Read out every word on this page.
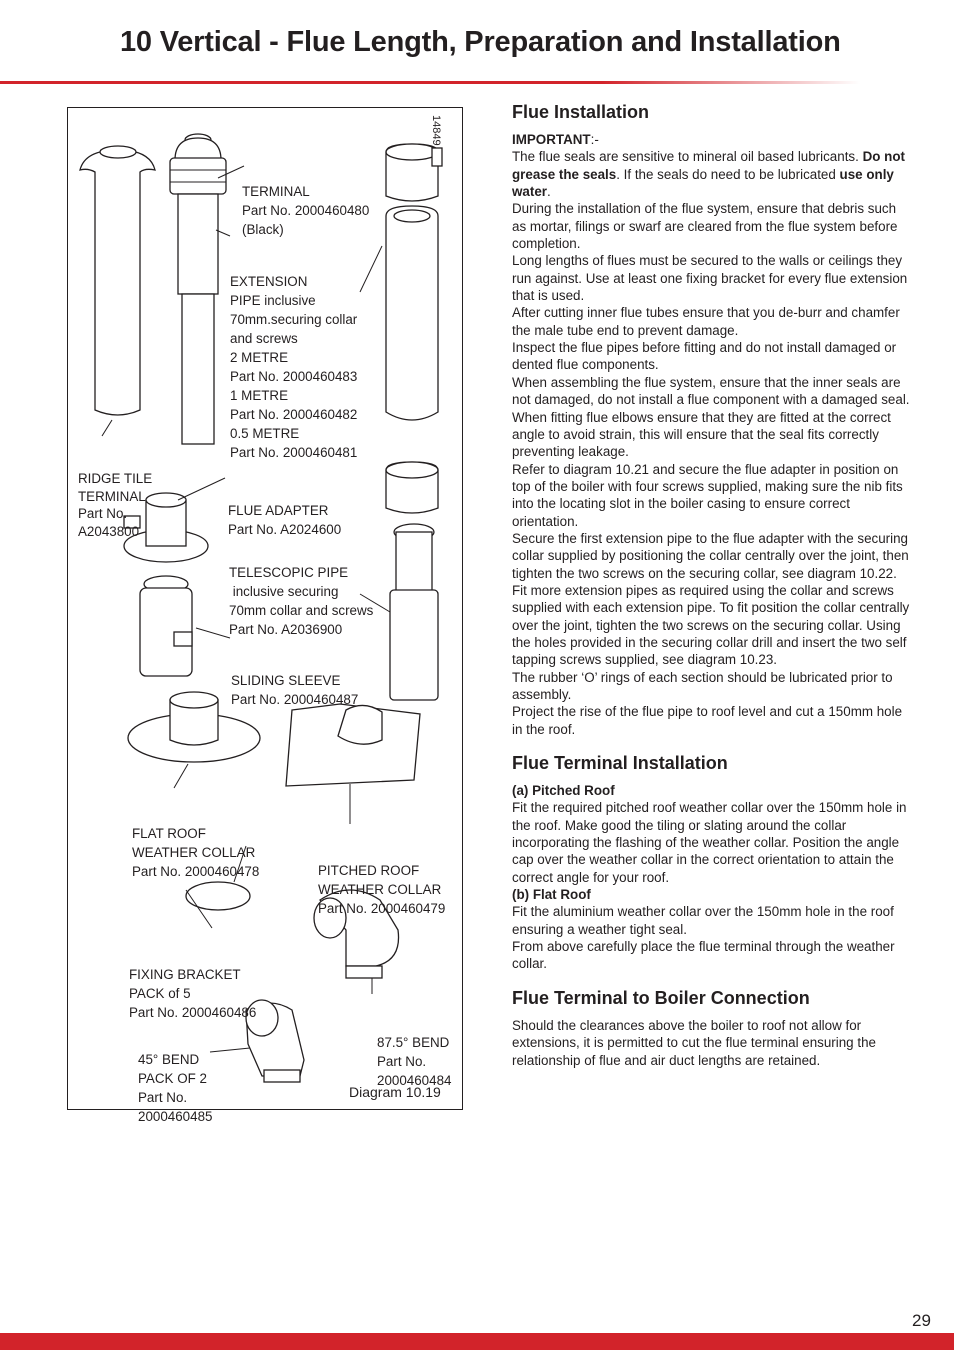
10 Vertical - Flue Length, Preparation and Installation
14849

TERMINAL
Part No. 2000460480
(Black)

EXTENSION
PIPE inclusive
70mm.securing collar
and screws
2 METRE
Part No. 2000460483
1 METRE
Part No. 2000460482
0.5 METRE
Part No. 2000460481

RIDGE TILE
TERMINAL
Part No.
A2043800

FLUE ADAPTER
Part No. A2024600

TELESCOPIC PIPE
inclusive securing
70mm collar and screws
Part No. A2036900

SLIDING SLEEVE
Part No. 2000460487

FLAT ROOF
WEATHER COLLAR
Part No. 2000460478

	PITCHED ROOF
WEATHER COLLAR
Part No. 2000460479

FIXING BRACKET
PACK of 5
Part No. 2000460486

87.5° BEND
Part No.
2000460484

45° BEND
PACK OF 2
Part No.
2000460485

Diagram 10.19
Flue Installation

IMPORTANT:-

The flue seals are sensitive to mineral oil based lubricants. Do not grease the seals. If the seals do need to be lubricated use only water.

During the installation of the flue system, ensure that debris such as mortar, filings or swarf are cleared from the flue system before completion.

Long lengths of flues must be secured to the walls or ceilings they run against. Use at least one fixing bracket for every flue extension that is used.

After cutting inner flue tubes ensure that you de-burr and chamfer the male tube end to prevent damage.

Inspect the flue pipes before fitting and do not install damaged or dented flue components.

When assembling the flue system, ensure that the inner seals are not damaged, do not install a flue component with a damaged seal.

When fitting flue elbows ensure that they are fitted at the correct angle to avoid strain, this will ensure that the seal fits correctly preventing leakage.

Refer to diagram 10.21 and secure the flue adapter in position on top of the boiler with four screws supplied, making sure the nib fits into the locating slot in the boiler casing to ensure correct orientation.

Secure the first extension pipe to the flue adapter with the securing collar supplied by positioning the collar centrally over the joint, then tighten the two screws on the securing collar, see diagram 10.22.

Fit more extension pipes as required using the collar and screws supplied with each extension pipe. To fit position the collar centrally over the joint, tighten the two screws on the securing collar. Using the holes provided in the securing collar drill and insert the two self tapping screws supplied, see diagram 10.23.

The rubber ‘O’ rings of each section should be lubricated prior to assembly.

Project the rise of the flue pipe to roof level and cut a 150mm hole in the roof.

Flue Terminal Installation

(a) Pitched Roof

Fit the required pitched roof weather collar over the 150mm hole in the roof. Make good the tiling or slating around the collar incorporating the flashing of the weather collar. Position the angle cap over the weather collar in the correct orientation to attain the correct angle for your roof.

(b) Flat Roof

Fit the aluminium weather collar over the 150mm hole in the roof ensuring a weather tight seal.

From above carefully place the flue terminal through the weather collar.

Flue Terminal to Boiler Connection

Should the clearances above the boiler to roof not allow for extensions, it is permitted to cut the flue terminal ensuring the relationship of flue and air duct lengths are retained.

29
